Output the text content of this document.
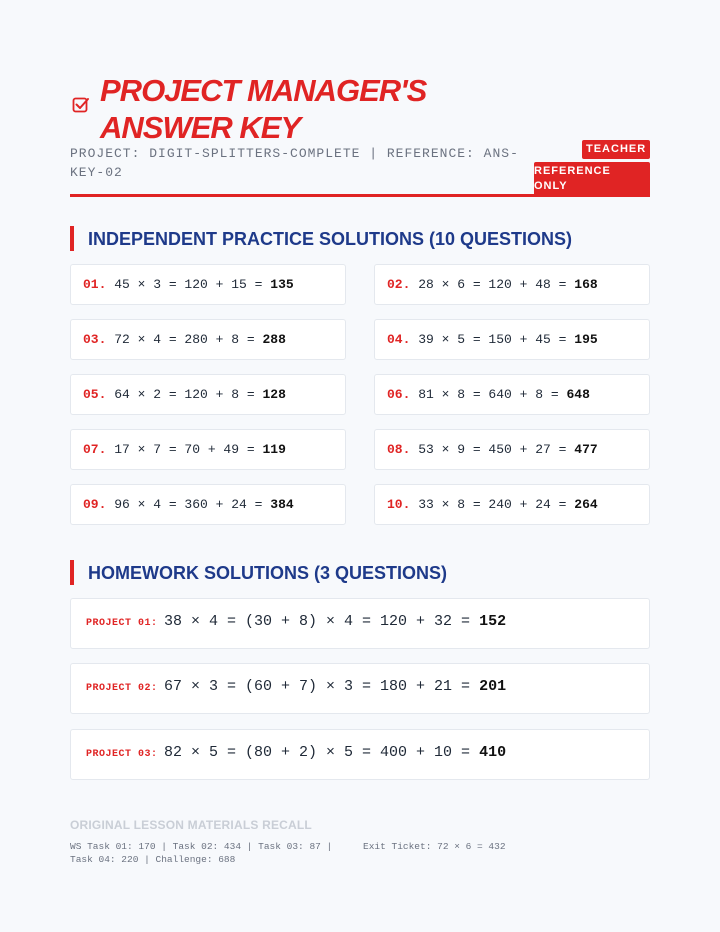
PROJECT MANAGER'S
ANSWER KEY
PROJECT: DIGIT-SPLITTERS-COMPLETE | REFERENCE: ANS-KEY-02
TEACHER
REFERENCE ONLY
INDEPENDENT PRACTICE SOLUTIONS (10 QUESTIONS)
01. 45 × 3 = 120 + 15 = 135	02. 28 × 6 = 120 + 48 = 168
03. 72 × 4 = 280 + 8 = 288	04. 39 × 5 = 150 + 45 = 195
05. 64 × 2 = 120 + 8 = 128	06. 81 × 8 = 640 + 8 = 648
07. 17 × 7 = 70 + 49 = 119	08. 53 × 9 = 450 + 27 = 477
09. 96 × 4 = 360 + 24 = 384	10. 33 × 8 = 240 + 24 = 264
HOMEWORK SOLUTIONS (3 QUESTIONS)
PROJECT 01: 38 × 4 = (30 + 8) × 4 = 120 + 32 = 152
PROJECT 02: 67 × 3 = (60 + 7) × 3 = 180 + 21 = 201
PROJECT 03: 82 × 5 = (80 + 2) × 5 = 400 + 10 = 410
ORIGINAL LESSON MATERIALS RECALL
WS Task 01: 170 | Task 02: 434 | Task 03: 87 | Task 04: 220 | Challenge: 688
Exit Ticket: 72 × 6 = 432
